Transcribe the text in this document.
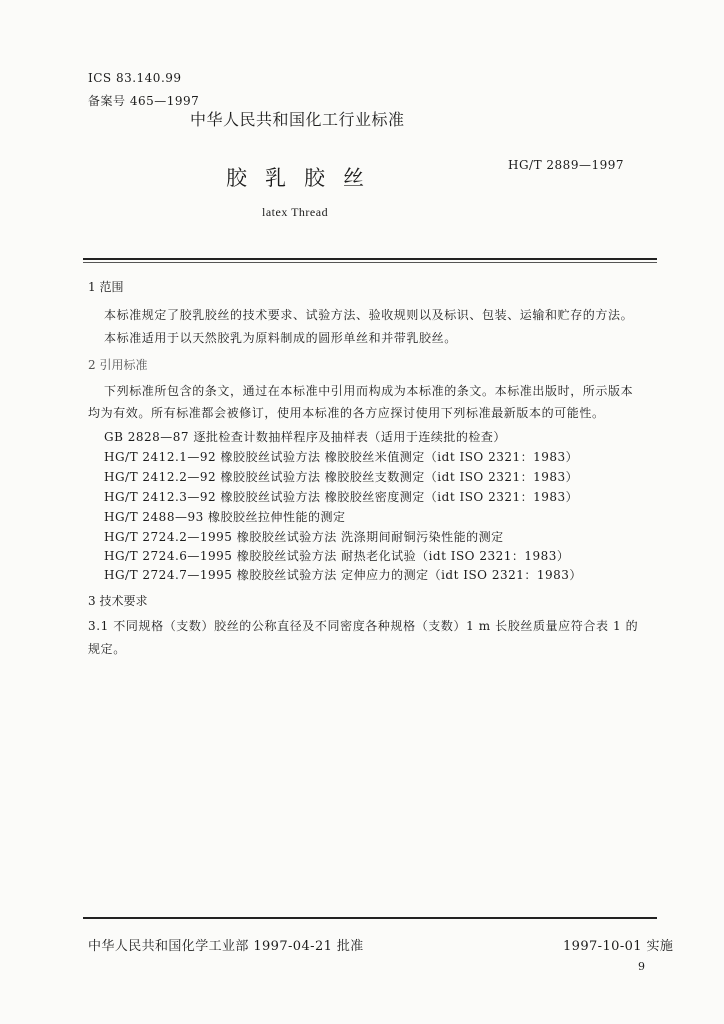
ICS 83.140.99
备案号 465—1997
中华人民共和国化工行业标准
胶乳胶丝
HG/T 2889—1997
latex Thread
1 范围
本标准规定了胶乳胶丝的技术要求、试验方法、验收规则以及标识、包装、运输和贮存的方法。
本标准适用于以天然胶乳为原料制成的圆形单丝和并带乳胶丝。
2 引用标准
下列标准所包含的条文，通过在本标准中引用而构成为本标准的条文。本标准出版时，所示版本
均为有效。所有标准都会被修订，使用本标准的各方应探讨使用下列标准最新版本的可能性。
GB 2828—87 逐批检查计数抽样程序及抽样表（适用于连续批的检查）
HG/T 2412.1—92 橡胶胶丝试验方法 橡胶胶丝米值测定（idt ISO 2321：1983）
HG/T 2412.2—92 橡胶胶丝试验方法 橡胶胶丝支数测定（idt ISO 2321：1983）
HG/T 2412.3—92 橡胶胶丝试验方法 橡胶胶丝密度测定（idt ISO 2321：1983）
HG/T 2488—93 橡胶胶丝拉伸性能的测定
HG/T 2724.2—1995 橡胶胶丝试验方法 洗涤期间耐铜污染性能的测定
HG/T 2724.6—1995 橡胶胶丝试验方法 耐热老化试验（idt ISO 2321：1983）
HG/T 2724.7—1995 橡胶胶丝试验方法 定伸应力的测定（idt ISO 2321：1983）
3 技术要求
3.1 不同规格（支数）胶丝的公称直径及不同密度各种规格（支数）1 m 长胶丝质量应符合表 1 的
规定。
中华人民共和国化学工业部 1997-04-21 批准	1997-10-01 实施
9
